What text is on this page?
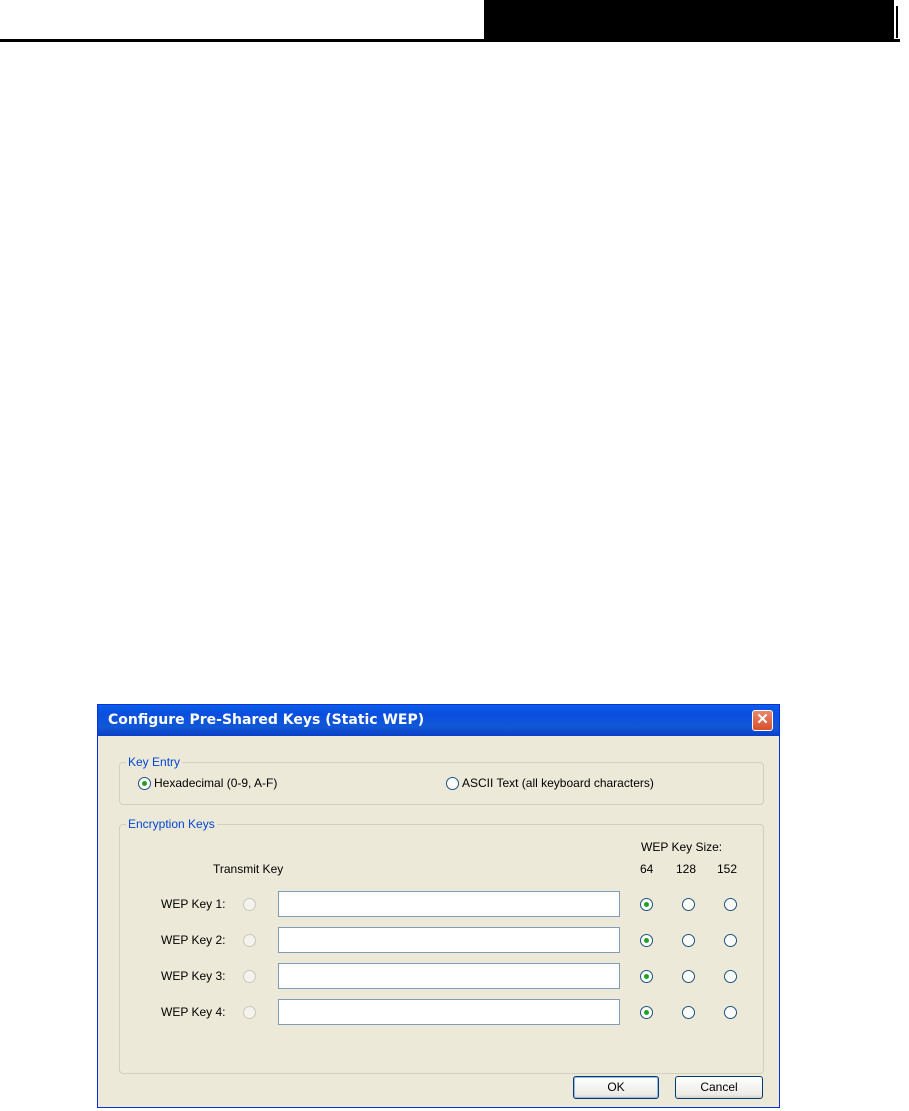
Configure Pre-Shared Keys (Static WEP)	✕
Key Entry
Hexadecimal (0-9, A-F)	ASCII Text (all keyboard characters)
Encryption Keys
Transmit Key
WEP Key Size:
64 128 152
WEP Key 1:
WEP Key 2:
WEP Key 3:
WEP Key 4:
OK	Cancel
